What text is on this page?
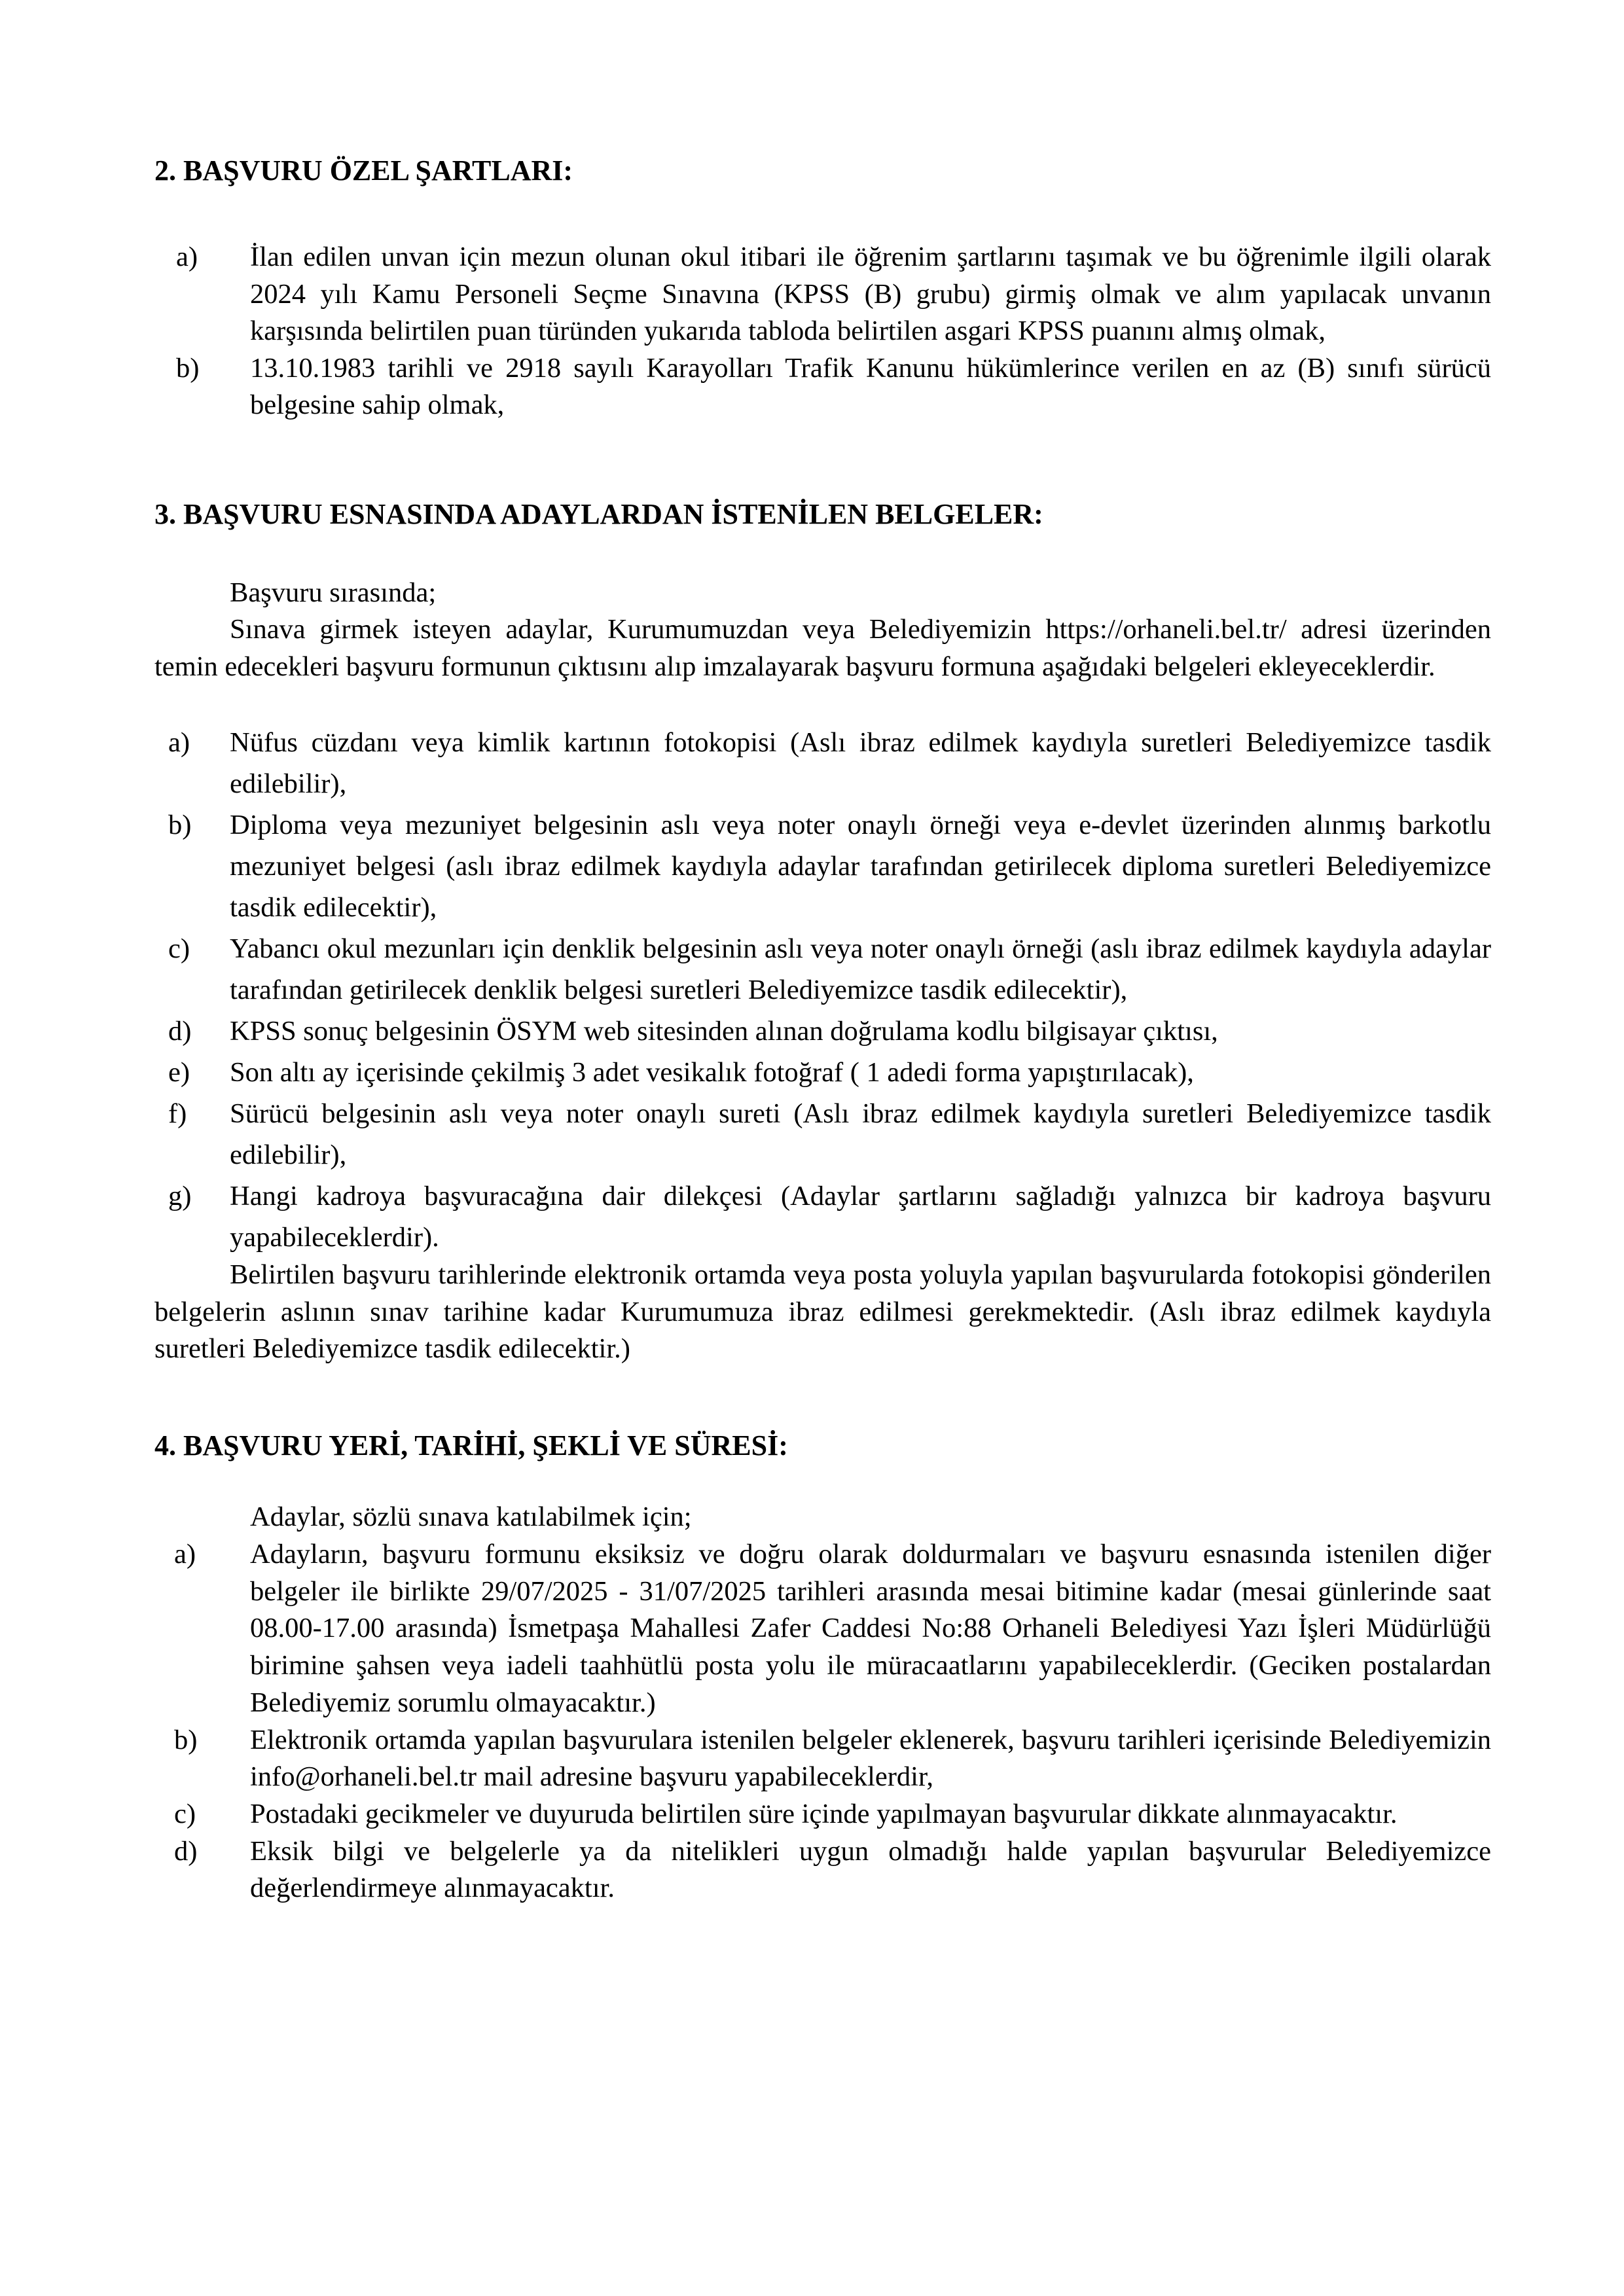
2. BAŞVURU ÖZEL ŞARTLARI:
a) İlan edilen unvan için mezun olunan okul itibari ile öğrenim şartlarını taşımak ve bu öğrenimle ilgili olarak 2024 yılı Kamu Personeli Seçme Sınavına (KPSS (B) grubu) girmiş olmak ve alım yapılacak unvanın karşısında belirtilen puan türünden yukarıda tabloda belirtilen asgari KPSS puanını almış olmak,
b) 13.10.1983 tarihli ve 2918 sayılı Karayolları Trafik Kanunu hükümlerince verilen en az (B) sınıfı sürücü belgesine sahip olmak,
3. BAŞVURU ESNASINDA ADAYLARDAN İSTENİLEN BELGELER:

Başvuru sırasında;

Sınava girmek isteyen adaylar, Kurumumuzdan veya Belediyemizin https://orhaneli.bel.tr/ adresi üzerinden temin edecekleri başvuru formunun çıktısını alıp imzalayarak başvuru formuna aşağıdaki belgeleri ekleyeceklerdir.

a) Nüfus cüzdanı veya kimlik kartının fotokopisi (Aslı ibraz edilmek kaydıyla suretleri Belediyemizce tasdik edilebilir),
b) Diploma veya mezuniyet belgesinin aslı veya noter onaylı örneği veya e-devlet üzerinden alınmış barkotlu mezuniyet belgesi (aslı ibraz edilmek kaydıyla adaylar tarafından getirilecek diploma suretleri Belediyemizce tasdik edilecektir),
c) Yabancı okul mezunları için denklik belgesinin aslı veya noter onaylı örneği (aslı ibraz edilmek kaydıyla adaylar tarafından getirilecek denklik belgesi suretleri Belediyemizce tasdik edilecektir),
d) KPSS sonuç belgesinin ÖSYM web sitesinden alınan doğrulama kodlu bilgisayar çıktısı,
e) Son altı ay içerisinde çekilmiş 3 adet vesikalık fotoğraf ( 1 adedi forma yapıştırılacak),
f) Sürücü belgesinin aslı veya noter onaylı sureti (Aslı ibraz edilmek kaydıyla suretleri Belediyemizce tasdik edilebilir),
g) Hangi kadroya başvuracağına dair dilekçesi (Adaylar şartlarını sağladığı yalnızca bir kadroya başvuru yapabileceklerdir).

Belirtilen başvuru tarihlerinde elektronik ortamda veya posta yoluyla yapılan başvurularda fotokopisi gönderilen belgelerin aslının sınav tarihine kadar Kurumumuza ibraz edilmesi gerekmektedir. (Aslı ibraz edilmek kaydıyla suretleri Belediyemizce tasdik edilecektir.)

4. BAŞVURU YERİ, TARİHİ, ŞEKLİ VE SÜRESİ:

Adaylar, sözlü sınava katılabilmek için;

a) Adayların, başvuru formunu eksiksiz ve doğru olarak doldurmaları ve başvuru esnasında istenilen diğer belgeler ile birlikte 29/07/2025 - 31/07/2025 tarihleri arasında mesai bitimine kadar (mesai günlerinde saat 08.00-17.00 arasında) İsmetpaşa Mahallesi Zafer Caddesi No:88 Orhaneli Belediyesi Yazı İşleri Müdürlüğü birimine şahsen veya iadeli taahhütlü posta yolu ile müracaatlarını yapabileceklerdir. (Geciken postalardan Belediyemiz sorumlu olmayacaktır.)
b) Elektronik ortamda yapılan başvurulara istenilen belgeler eklenerek, başvuru tarihleri içerisinde Belediyemizin info@orhaneli.bel.tr mail adresine başvuru yapabileceklerdir,
c) Postadaki gecikmeler ve duyuruda belirtilen süre içinde yapılmayan başvurular dikkate alınmayacaktır.
d) Eksik bilgi ve belgelerle ya da nitelikleri uygun olmadığı halde yapılan başvurular Belediyemizce değerlendirmeye alınmayacaktır.
